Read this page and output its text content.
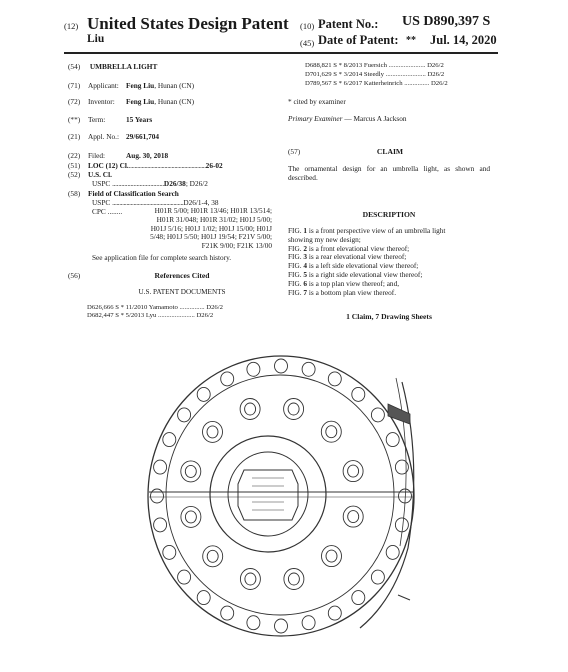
(12) United States Design Patent
Liu
(10) Patent No.: US D890,397 S
(45) Date of Patent: ** Jul. 14, 2020
(54) UMBRELLA LIGHT
(71) Applicant: Feng Liu, Hunan (CN)
(72) Inventor: Feng Liu, Hunan (CN)
(**) Term:	15 Years
(21) Appl. No.: 29/661,704
(22) Filed:	Aug. 30, 2018
(51) LOC (12) Cl.......................................................26-02
(52) U.S. Cl.
USPC ..................................D26/38; D26/2
(58) Field of Classification Search
USPC ..................................................D26/1-4, 38
CPC ........	H01R 5/00; H01R 13/46; H01R 13/514;
H01R 31/048; H01R 31/02; H01J 5/00;
H01J 5/16; H01J 1/02; H01J 15/00; H01J
5/48; H01J 5/50; H01J 19/54; F21V 5/00;
F21K 9/00; F21K 13/00
See application file for complete search history.
(56)	References Cited
U.S. PATENT DOCUMENTS
D626,666 S * 11/2010 Yamamoto ............... D26/2
D682,447 S * 5/2013 Lyu ...................... D26/2
D688,821 S * 8/2013 Fuersich ...................... D26/2
D701,629 S * 3/2014 Steedly ........................ D26/2
D789,567 S * 6/2017 Katterheinrich ............... D26/2
* cited by examiner
Primary Examiner — Marcus A Jackson
(57)	CLAIM
The ornamental design for an umbrella light, as shown and described.
DESCRIPTION
FIG. 1 is a front perspective view of an umbrella light
showing my new design;
FIG. 2 is a front elevational view thereof;
FIG. 3 is a rear elevational view thereof;
FIG. 4 is a left side elevational view thereof;
FIG. 5 is a right side elevational view thereof;
FIG. 6 is a top plan view thereof; and,
FIG. 7 is a bottom plan view thereof.
1 Claim, 7 Drawing Sheets
